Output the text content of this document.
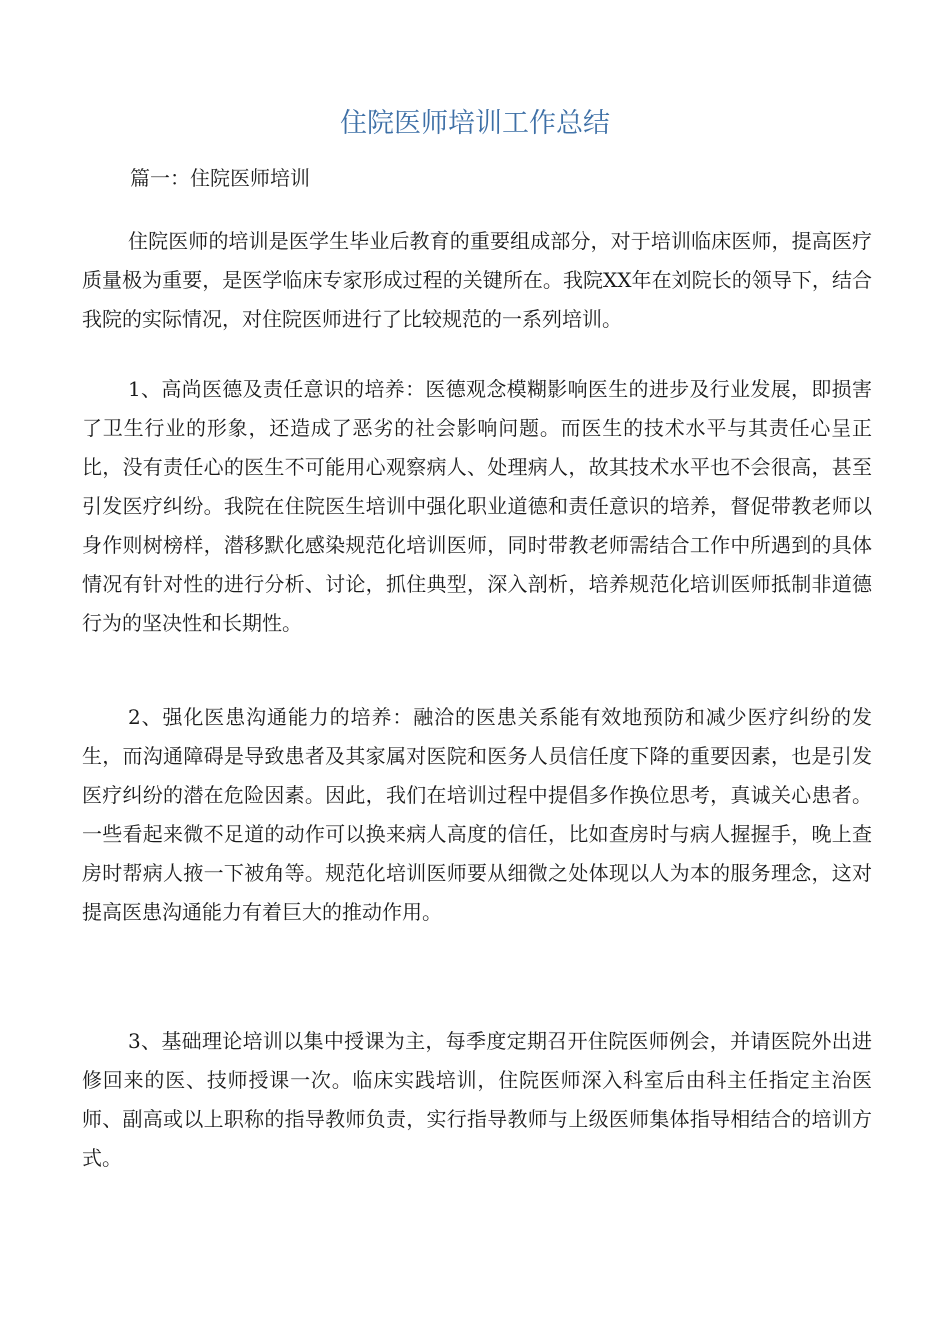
住院医师培训工作总结

篇一：住院医师培训

住院医师的培训是医学生毕业后教育的重要组成部分，对于培训临床医师，提高医疗质量极为重要，是医学临床专家形成过程的关键所在。我院XX年在刘院长的领导下，结合我院的实际情况，对住院医师进行了比较规范的一系列培训。

1、高尚医德及责任意识的培养：医德观念模糊影响医生的进步及行业发展，即损害了卫生行业的形象，还造成了恶劣的社会影响问题。而医生的技术水平与其责任心呈正比，没有责任心的医生不可能用心观察病人、处理病人，故其技术水平也不会很高，甚至引发医疗纠纷。我院在住院医生培训中强化职业道德和责任意识的培养，督促带教老师以身作则树榜样，潜移默化感染规范化培训医师，同时带教老师需结合工作中所遇到的具体情况有针对性的进行分析、讨论，抓住典型，深入剖析，培养规范化培训医师抵制非道德行为的坚决性和长期性。

2、强化医患沟通能力的培养：融洽的医患关系能有效地预防和减少医疗纠纷的发生，而沟通障碍是导致患者及其家属对医院和医务人员信任度下降的重要因素，也是引发医疗纠纷的潜在危险因素。因此，我们在培训过程中提倡多作换位思考，真诚关心患者。一些看起来微不足道的动作可以换来病人高度的信任，比如查房时与病人握握手，晚上查房时帮病人掖一下被角等。规范化培训医师要从细微之处体现以人为本的服务理念，这对提高医患沟通能力有着巨大的推动作用。

3、基础理论培训以集中授课为主，每季度定期召开住院医师例会，并请医院外出进修回来的医、技师授课一次。临床实践培训，住院医师深入科室后由科主任指定主治医师、副高或以上职称的指导教师负责，实行指导教师与上级医师集体指导相结合的培训方式。
